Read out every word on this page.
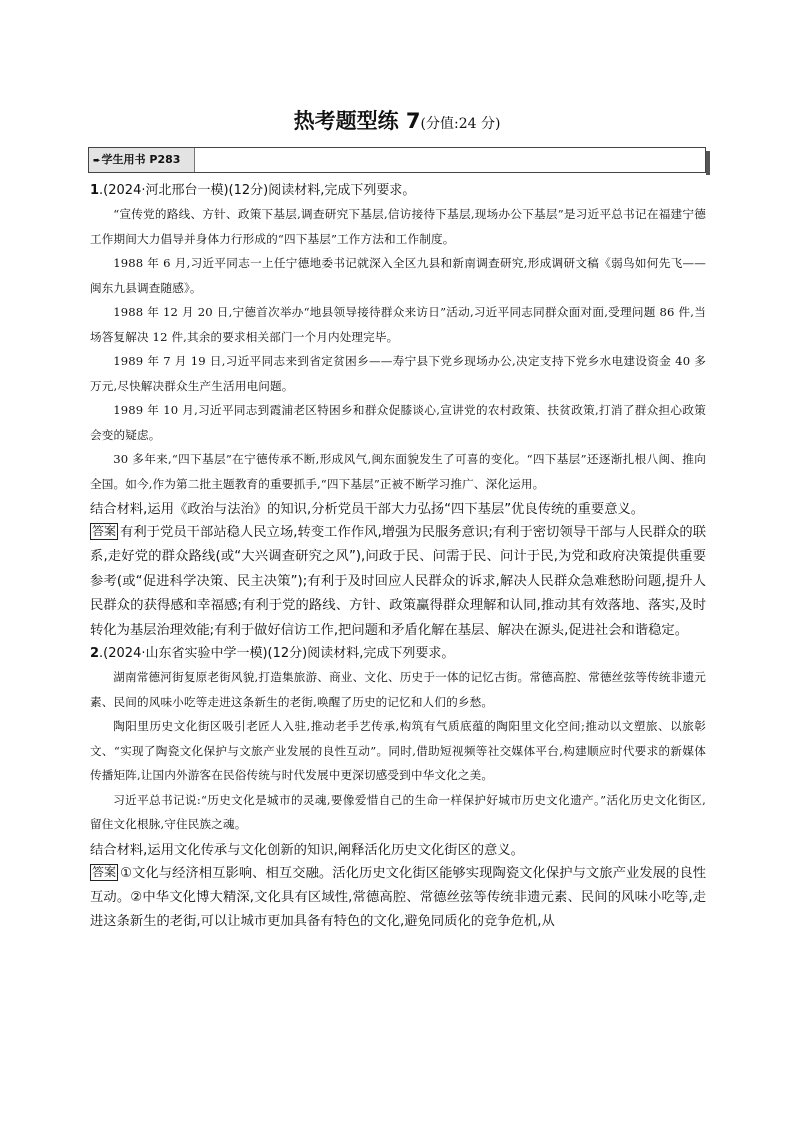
热考题型练 7(分值:24 分)
➨学生用书 P283

1.(2024·河北邢台一模)(12分)阅读材料,完成下列要求。

“宣传党的路线、方针、政策下基层,调查研究下基层,信访接待下基层,现场办公下基层”是习近平总书记在福建宁德工作期间大力倡导并身体力行形成的“四下基层”工作方法和工作制度。

1988 年 6 月,习近平同志一上任宁德地委书记就深入全区九县和新南调查研究,形成调研文稿《弱鸟如何先飞——闽东九县调查随感》。

1988 年 12 月 20 日,宁德首次举办“地县领导接待群众来访日”活动,习近平同志同群众面对面,受理问题 86 件,当场答复解决 12 件,其余的要求相关部门一个月内处理完毕。

1989 年 7 月 19 日,习近平同志来到省定贫困乡——寿宁县下党乡现场办公,决定支持下党乡水电建设资金 40 多万元,尽快解决群众生产生活用电问题。

1989 年 10 月,习近平同志到霞浦老区特困乡和群众促膝谈心,宣讲党的农村政策、扶贫政策,打消了群众担心政策会变的疑虑。

30 多年来,“四下基层”在宁德传承不断,形成风气,闽东面貌发生了可喜的变化。“四下基层”还逐渐扎根八闽、推向全国。如今,作为第二批主题教育的重要抓手,“四下基层”正被不断学习推广、深化运用。

结合材料,运用《政治与法治》的知识,分析党员干部大力弘扬“四下基层”优良传统的重要意义。

答案 有利于党员干部站稳人民立场,转变工作作风,增强为民服务意识;有利于密切领导干部与人民群众的联系,走好党的群众路线(或“大兴调查研究之风”),问政于民、问需于民、问计于民,为党和政府决策提供重要参考(或“促进科学决策、民主决策”);有利于及时回应人民群众的诉求,解决人民群众急难愁盼问题,提升人民群众的获得感和幸福感;有利于党的路线、方针、政策赢得群众理解和认同,推动其有效落地、落实,及时转化为基层治理效能;有利于做好信访工作,把问题和矛盾化解在基层、解决在源头,促进社会和谐稳定。

2.(2024·山东省实验中学一模)(12分)阅读材料,完成下列要求。

湖南常德河街复原老街风貌,打造集旅游、商业、文化、历史于一体的记忆古街。常德高腔、常德丝弦等传统非遗元素、民间的风味小吃等走进这条新生的老街,唤醒了历史的记忆和人们的乡愁。

陶阳里历史文化街区吸引老匠人入驻,推动老手艺传承,构筑有气质底蕴的陶阳里文化空间;推动以文塑旅、以旅彰文、“实现了陶瓷文化保护与文旅产业发展的良性互动”。同时,借助短视频等社交媒体平台,构建顺应时代要求的新媒体传播矩阵,让国内外游客在民俗传统与时代发展中更深切感受到中华文化之美。

习近平总书记说:“历史文化是城市的灵魂,要像爱惜自己的生命一样保护好城市历史文化遗产。”活化历史文化街区,留住文化根脉,守住民族之魂。

结合材料,运用文化传承与文化创新的知识,阐释活化历史文化街区的意义。

答案 ①文化与经济相互影响、相互交融。活化历史文化街区能够实现陶瓷文化保护与文旅产业发展的良性互动。②中华文化博大精深,文化具有区域性,常德高腔、常德丝弦等传统非遗元素、民间的风味小吃等,走进这条新生的老街,可以让城市更加具备有特色的文化,避免同质化的竞争危机,从
